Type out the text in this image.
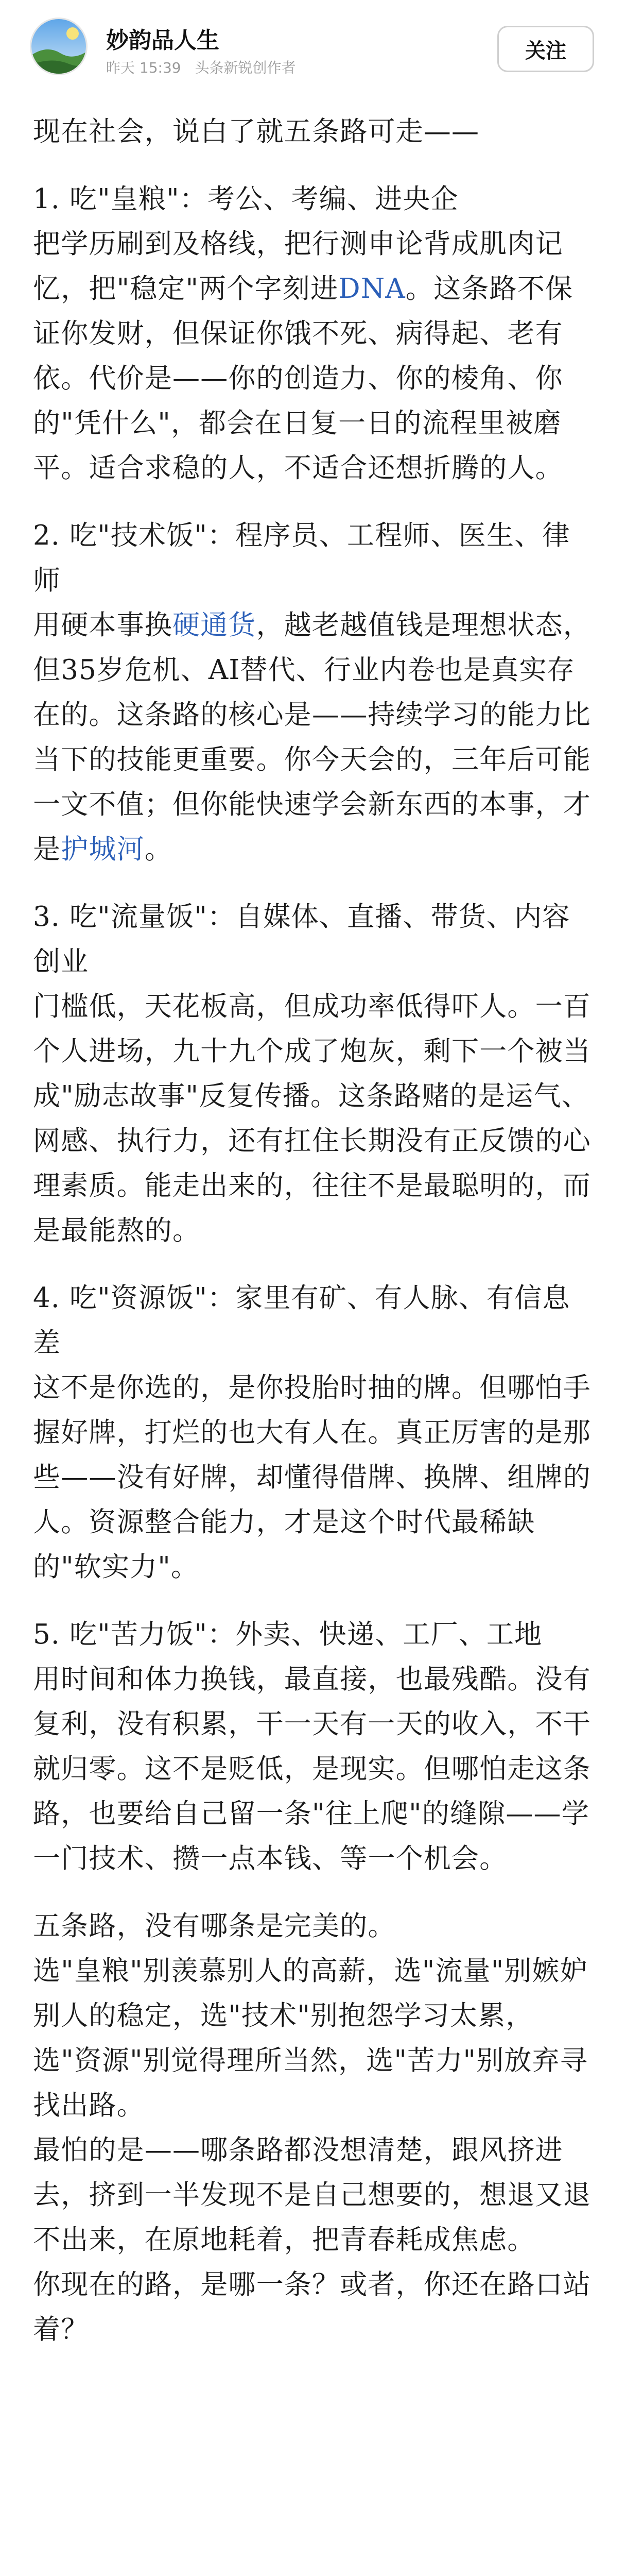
妙韵品人生
昨天 15:39 头条新锐创作者
关注

现在社会，说白了就五条路可走——

1. 吃"皇粮"：考公、考编、进央企

把学历刷到及格线，把行测申论背成肌肉记忆，把"稳定"两个字刻进DNA。这条路不保证你发财，但保证你饿不死、病得起、老有依。代价是——你的创造力、你的棱角、你的"凭什么"，都会在日复一日的流程里被磨平。适合求稳的人，不适合还想折腾的人。

2. 吃"技术饭"：程序员、工程师、医生、律师

用硬本事换硬通货，越老越值钱是理想状态，但35岁危机、AI替代、行业内卷也是真实存在的。这条路的核心是——持续学习的能力比当下的技能更重要。你今天会的，三年后可能一文不值；但你能快速学会新东西的本事，才是护城河。

3. 吃"流量饭"：自媒体、直播、带货、内容创业

门槛低，天花板高，但成功率低得吓人。一百个人进场，九十九个成了炮灰，剩下一个被当成"励志故事"反复传播。这条路赌的是运气、网感、执行力，还有扛住长期没有正反馈的心理素质。能走出来的，往往不是最聪明的，而是最能熬的。

4. 吃"资源饭"：家里有矿、有人脉、有信息差

这不是你选的，是你投胎时抽的牌。但哪怕手握好牌，打烂的也大有人在。真正厉害的是那些——没有好牌，却懂得借牌、换牌、组牌的人。资源整合能力，才是这个时代最稀缺的"软实力"。

5. 吃"苦力饭"：外卖、快递、工厂、工地

用时间和体力换钱，最直接，也最残酷。没有复利，没有积累，干一天有一天的收入，不干就归零。这不是贬低，是现实。但哪怕走这条路，也要给自己留一条"往上爬"的缝隙——学一门技术、攒一点本钱、等一个机会。

五条路，没有哪条是完美的。

选"皇粮"别羡慕别人的高薪，选"流量"别嫉妒别人的稳定，选"技术"别抱怨学习太累，选"资源"别觉得理所当然，选"苦力"别放弃寻找出路。

最怕的是——哪条路都没想清楚，跟风挤进去，挤到一半发现不是自己想要的，想退又退不出来，在原地耗着，把青春耗成焦虑。

你现在的路，是哪一条？或者，你还在路口站着？
